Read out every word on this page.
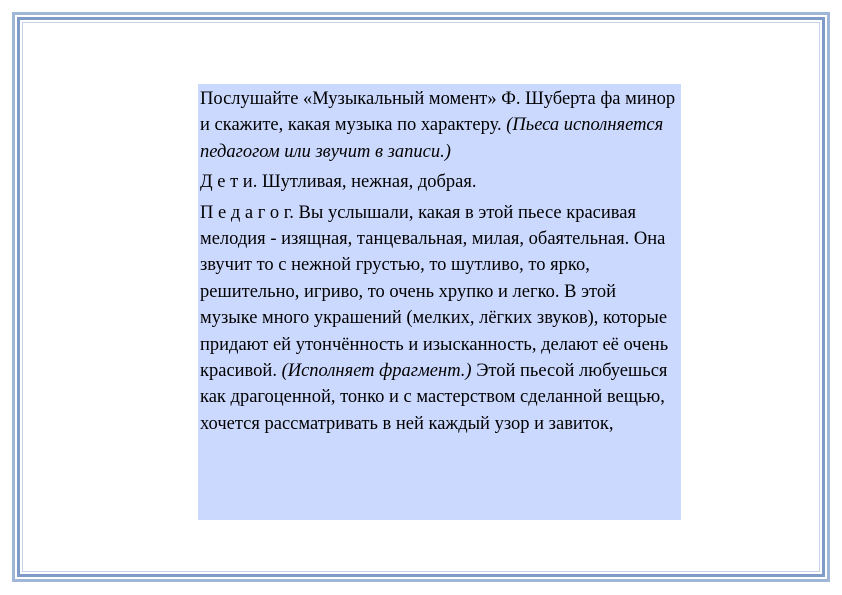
Послушайте «Музыкальный момент» Ф. Шуберта фа минор и скажите, какая музыка по характеру. (Пьеса исполняется педагогом или звучит в записи.)

Д е т и. Шутливая, нежная, добрая.

П е д а г о г. Вы услышали, какая в этой пьесе красивая мелодия - изящная, танцевальная, милая, обаятельная. Она звучит то с нежной грустью, то шутливо, то ярко, решительно, игриво, то очень хрупко и легко. В этой музыке много украшений (мелких, лёгких звуков), которые придают ей утончённость и изысканность, делают её очень красивой. (Исполняет фрагмент.) Этой пьесой любуешься как драгоценной, тонко и с мастерством сделанной вещью, хочется рассматривать в ней каждый узор и завиток,
